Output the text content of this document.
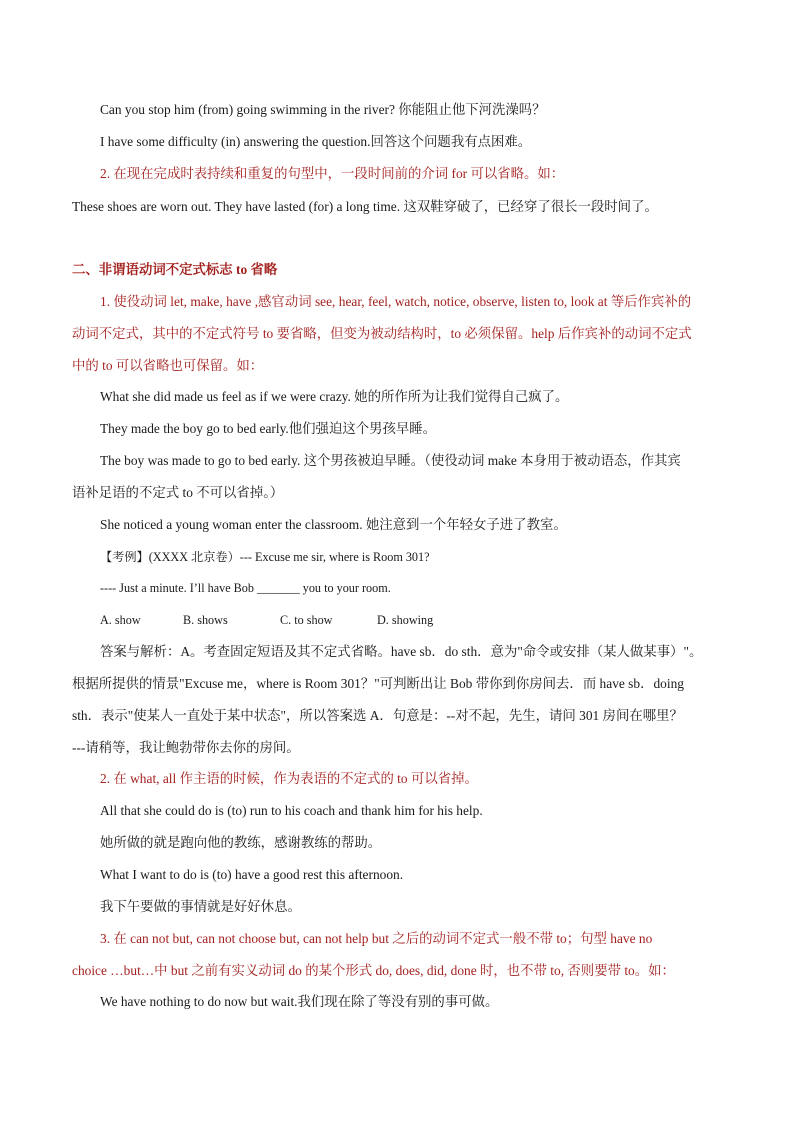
Can you stop him (from) going swimming in the river? 你能阻止他下河洗澡吗？
I have some difficulty (in) answering the question.回答这个问题我有点困难。
2. 在现在完成时表持续和重复的句型中，一段时间前的介词 for 可以省略。如：
These shoes are worn out. They have lasted (for) a long time. 这双鞋穿破了，已经穿了很长一段时间了。
二、非谓语动词不定式标志 to 省略
1. 使役动词 let, make, have ,感官动词 see, hear, feel, watch, notice, observe, listen to, look at 等后作宾补的
动词不定式，其中的不定式符号 to 要省略，但变为被动结构时，to 必须保留。help 后作宾补的动词不定式
中的 to 可以省略也可保留。如：
What she did made us feel as if we were crazy. 她的所作所为让我们觉得自己疯了。
They made the boy go to bed early.他们强迫这个男孩早睡。
The boy was made to go to bed early. 这个男孩被迫早睡。（使役动词 make 本身用于被动语态，作其宾
语补足语的不定式 to 不可以省掉。）
She noticed a young woman enter the classroom. 她注意到一个年轻女子进了教室。
【考例】(XXXX 北京卷）--- Excuse me sir, where is Room 301?
---- Just a minute. I’ll have Bob _______ you to your room.
A. show	B. shows	C. to show	D. showing
答案与解析：A。考查固定短语及其不定式省略。have sb．do sth．意为"命令或安排（某人做某事）"。
根据所提供的情景"Excuse me，where is Room 301？"可判断出让 Bob 带你到你房间去．而 have sb．doing
sth．表示"使某人一直处于某中状态"，所以答案选 A．句意是：--对不起，先生，请问 301 房间在哪里？
---请稍等，我让鲍勃带你去你的房间。
2. 在 what, all 作主语的时候，作为表语的不定式的 to 可以省掉。
All that she could do is (to) run to his coach and thank him for his help.
她所做的就是跑向他的教练，感谢教练的帮助。
What I want to do is (to) have a good rest this afternoon.
我下午要做的事情就是好好休息。
3. 在 can not but, can not choose but, can not help but 之后的动词不定式一般不带 to；句型 have no
choice …but…中 but 之前有实义动词 do 的某个形式 do, does, did, done 时，也不带 to, 否则要带 to。如：
We have nothing to do now but wait.我们现在除了等没有别的事可做。
